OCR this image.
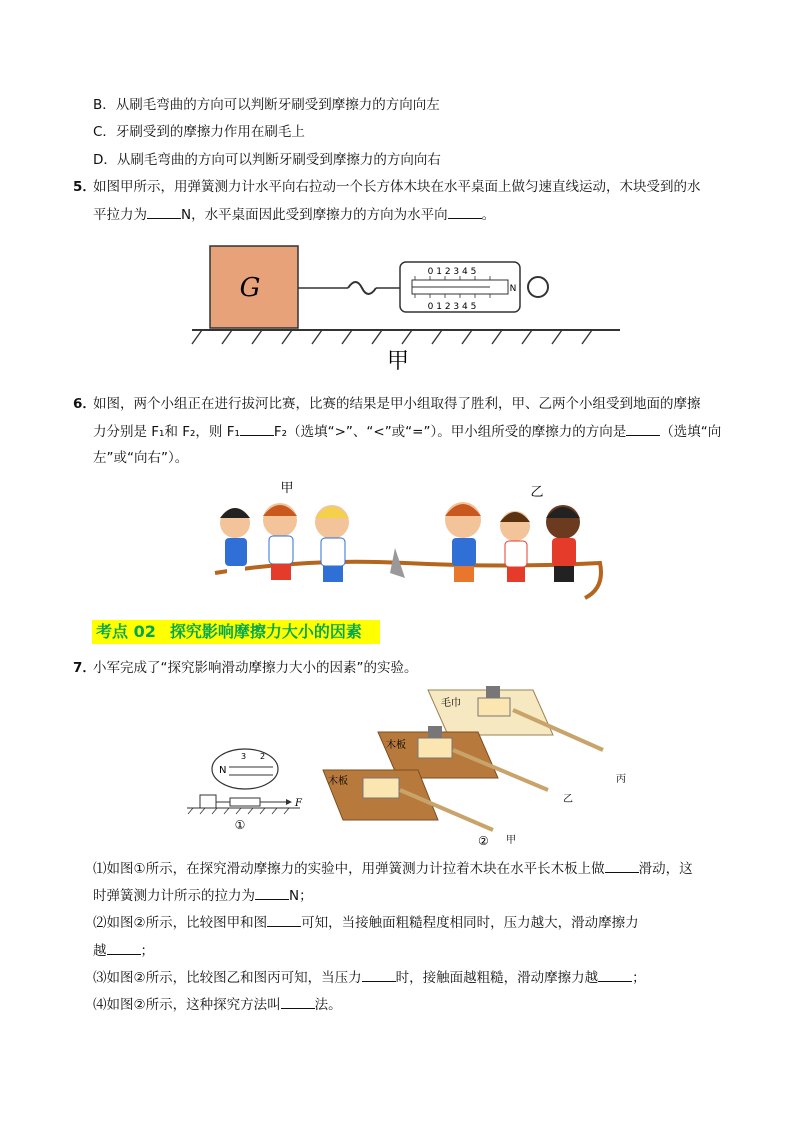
B．从刷毛弯曲的方向可以判断牙刷受到摩擦力的方向向左
C．牙刷受到的摩擦力作用在刷毛上
D．从刷毛弯曲的方向可以判断牙刷受到摩擦力的方向向右
5．
如图甲所示，用弹簧测力计水平向右拉动一个长方体木块在水平桌面上做匀速直线运动，木块受到的水
平拉力为	N，水平桌面因此受到摩擦力的方向为水平向	。
G
0 1 2 3 4 5
0 1 2 3 4 5
N
甲
6．
如图，两个小组正在进行拔河比赛，比赛的结果是甲小组取得了胜利，甲、乙两个小组受到地面的摩擦
力分别是 F₁和 F₂，则 F₁	F₂（选填“>”、“<”或“=”）。甲小组所受的摩擦力的方向是	（选填“向
左”或“向右”）。
甲	乙
考点 02 探究影响摩擦力大小的因素
7．
小军完成了“探究影响滑动摩擦力大小的因素”的实验。
N
3 2
F
①
毛巾
丙
木板
乙
木板
② 甲
⑴如图①所示，在探究滑动摩擦力的实验中，用弹簧测力计拉着木块在水平长木板上做	滑动，这
时弹簧测力计所示的拉力为	N；
⑵如图②所示，比较图甲和图	可知，当接触面粗糙程度相同时，压力越大，滑动摩擦力
越	；
⑶如图②所示，比较图乙和图丙可知，当压力	时，接触面越粗糙，滑动摩擦力越	；
⑷如图②所示，这种探究方法叫	法。
